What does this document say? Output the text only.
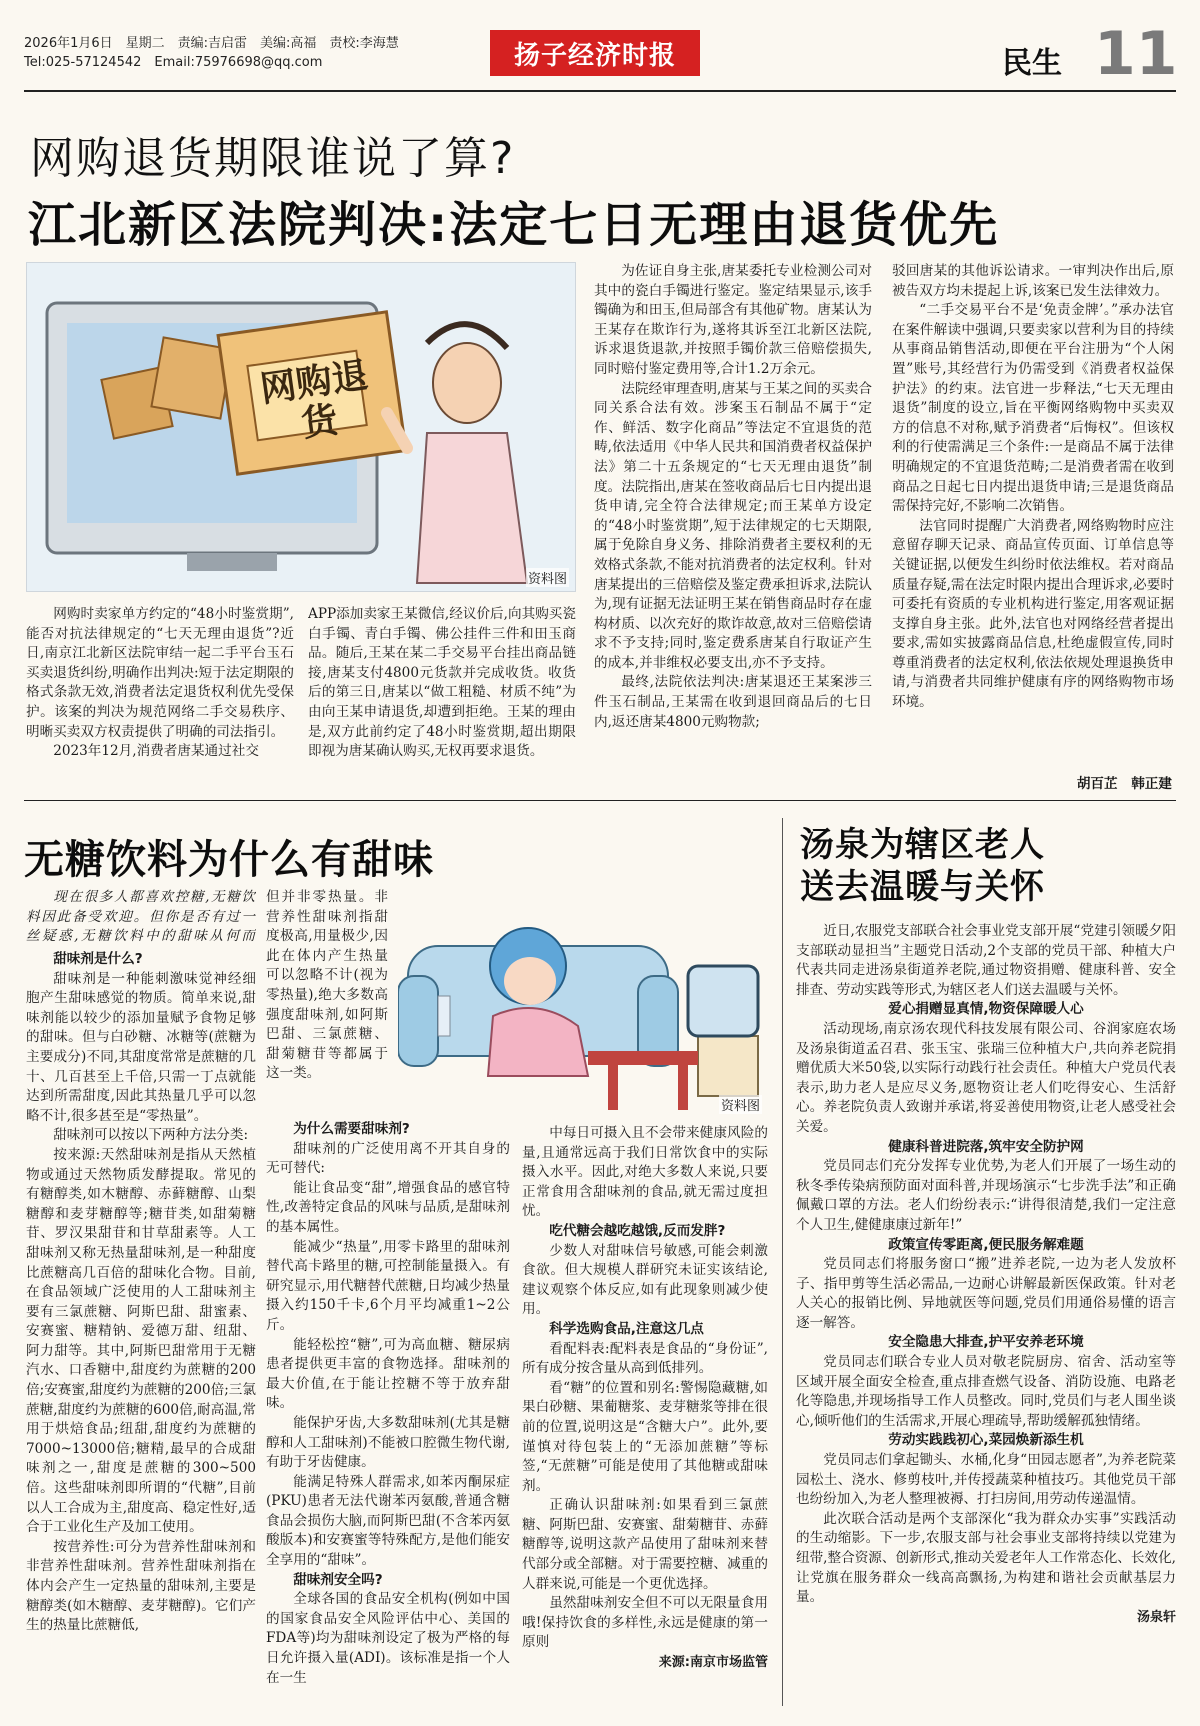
2026年1月6日　星期二　责编:吉启雷　美编:高福　责校:李海慧
Tel:025-57124542　Email:75976698@qq.com	扬子经济时报	民生 11
网购退货期限谁说了算?
江北新区法院判决:法定七日无理由退货优先
网购退货
资料图

网购时卖家单方约定的“48小时鉴赏期”,能否对抗法律规定的“七天无理由退货”?近日,南京江北新区法院审结一起二手平台玉石买卖退货纠纷,明确作出判决:短于法定期限的格式条款无效,消费者法定退货权利优先受保护。该案的判决为规范网络二手交易秩序、明晰买卖双方权责提供了明确的司法指引。

2023年12月,消费者唐某通过社交

APP添加卖家王某微信,经议价后,向其购买瓷白手镯、青白手镯、佛公挂件三件和田玉商品。随后,王某在某二手交易平台挂出商品链接,唐某支付4800元货款并完成收货。收货后的第三日,唐某以“做工粗糙、材质不纯”为由向王某申请退货,却遭到拒绝。王某的理由是,双方此前约定了48小时鉴赏期,超出期限即视为唐某确认购买,无权再要求退货。

为佐证自身主张,唐某委托专业检测公司对其中的瓷白手镯进行鉴定。鉴定结果显示,该手镯确为和田玉,但局部含有其他矿物。唐某认为王某存在欺诈行为,遂将其诉至江北新区法院,诉求退货退款,并按照手镯价款三倍赔偿损失,同时赔付鉴定费用等,合计1.2万余元。

法院经审理查明,唐某与王某之间的买卖合同关系合法有效。涉案玉石制品不属于“定作、鲜活、数字化商品”等法定不宜退货的范畴,依法适用《中华人民共和国消费者权益保护法》第二十五条规定的“七天无理由退货”制度。法院指出,唐某在签收商品后七日内提出退货申请,完全符合法律规定;而王某单方设定的“48小时鉴赏期”,短于法律规定的七天期限,属于免除自身义务、排除消费者主要权利的无效格式条款,不能对抗消费者的法定权利。针对唐某提出的三倍赔偿及鉴定费承担诉求,法院认为,现有证据无法证明王某在销售商品时存在虚构材质、以次充好的欺诈故意,故对三倍赔偿请求不予支持;同时,鉴定费系唐某自行取证产生的成本,并非维权必要支出,亦不予支持。

最终,法院依法判决:唐某退还王某案涉三件玉石制品,王某需在收到退回商品后的七日内,返还唐某4800元购物款;

驳回唐某的其他诉讼请求。一审判决作出后,原被告双方均未提起上诉,该案已发生法律效力。

“二手交易平台不是‘免责金牌’。”承办法官在案件解读中强调,只要卖家以营利为目的持续从事商品销售活动,即便在平台注册为“个人闲置”账号,其经营行为仍需受到《消费者权益保护法》的约束。法官进一步释法,“七天无理由退货”制度的设立,旨在平衡网络购物中买卖双方的信息不对称,赋予消费者“后悔权”。但该权利的行使需满足三个条件:一是商品不属于法律明确规定的不宜退货范畴;二是消费者需在收到商品之日起七日内提出退货申请;三是退货商品需保持完好,不影响二次销售。

法官同时提醒广大消费者,网络购物时应注意留存聊天记录、商品宣传页面、订单信息等关键证据,以便发生纠纷时依法维权。若对商品质量存疑,需在法定时限内提出合理诉求,必要时可委托有资质的专业机构进行鉴定,用客观证据支撑自身主张。此外,法官也对网络经营者提出要求,需如实披露商品信息,杜绝虚假宣传,同时尊重消费者的法定权利,依法依规处理退换货申请,与消费者共同维护健康有序的网络购物市场环境。

胡百芷　韩正建
无糖饮料为什么有甜味
资料图

现在很多人都喜欢控糖,无糖饮料因此备受欢迎。但你是否有过一丝疑惑,无糖饮料中的甜味从何而

甜味剂是什么?

甜味剂是一种能刺激味觉神经细胞产生甜味感觉的物质。简单来说,甜味剂能以较少的添加量赋予食物足够的甜味。但与白砂糖、冰糖等(蔗糖为主要成分)不同,其甜度常常是蔗糖的几十、几百甚至上千倍,只需一丁点就能达到所需甜度,因此其热量几乎可以忽略不计,很多甚至是“零热量”。

甜味剂可以按以下两种方法分类:

按来源:天然甜味剂是指从天然植物或通过天然物质发酵提取。常见的有糖醇类,如木糖醇、赤藓糖醇、山梨糖醇和麦芽糖醇等;糖苷类,如甜菊糖苷、罗汉果甜苷和甘草甜素等。人工甜味剂又称无热量甜味剂,是一种甜度比蔗糖高几百倍的甜味化合物。目前,在食品领域广泛使用的人工甜味剂主要有三氯蔗糖、阿斯巴甜、甜蜜素、安赛蜜、糖精钠、爱德万甜、纽甜、阿力甜等。其中,阿斯巴甜常用于无糖汽水、口香糖中,甜度约为蔗糖的200倍;安赛蜜,甜度约为蔗糖的200倍;三氯蔗糖,甜度约为蔗糖的600倍,耐高温,常用于烘焙食品;纽甜,甜度约为蔗糖的7000~13000倍;糖精,最早的合成甜味剂之一,甜度是蔗糖的300~500倍。这些甜味剂即所谓的“代糖”,目前以人工合成为主,甜度高、稳定性好,适合于工业化生产及加工使用。

按营养性:可分为营养性甜味剂和非营养性甜味剂。营养性甜味剂指在体内会产生一定热量的甜味剂,主要是糖醇类(如木糖醇、麦芽糖醇)。它们产生的热量比蔗糖低,

但并非零热量。非营养性甜味剂指甜度极高,用量极少,因此在体内产生热量可以忽略不计(视为零热量),绝大多数高强度甜味剂,如阿斯巴甜、三氯蔗糖、甜菊糖苷等都属于这一类。

为什么需要甜味剂?

甜味剂的广泛使用离不开其自身的无可替代:

能让食品变“甜”,增强食品的感官特性,改善特定食品的风味与品质,是甜味剂的基本属性。

能减少“热量”,用零卡路里的甜味剂替代高卡路里的糖,可控制能量摄入。有研究显示,用代糖替代蔗糖,日均减少热量摄入约150千卡,6个月平均减重1~2公斤。

能轻松控“糖”,可为高血糖、糖尿病患者提供更丰富的食物选择。甜味剂的最大价值,在于能让控糖不等于放弃甜味。

能保护牙齿,大多数甜味剂(尤其是糖醇和人工甜味剂)不能被口腔微生物代谢,有助于牙齿健康。

能满足特殊人群需求,如苯丙酮尿症(PKU)患者无法代谢苯丙氨酸,普通含糖食品会损伤大脑,而阿斯巴甜(不含苯丙氨酸版本)和安赛蜜等特殊配方,是他们能安全享用的“甜味”。

甜味剂安全吗?

全球各国的食品安全机构(例如中国的国家食品安全风险评估中心、美国的FDA等)均为甜味剂设定了极为严格的每日允许摄入量(ADI)。该标准是指一个人在一生

中每日可摄入且不会带来健康风险的量,且通常远高于我们日常饮食中的实际摄入水平。因此,对绝大多数人来说,只要正常食用含甜味剂的食品,就无需过度担忧。

吃代糖会越吃越饿,反而发胖?

少数人对甜味信号敏感,可能会刺激食欲。但大规模人群研究未证实该结论,建议观察个体反应,如有此现象则减少使用。

科学选购食品,注意这几点

看配料表:配料表是食品的“身份证”,所有成分按含量从高到低排列。

看“糖”的位置和别名:警惕隐藏糖,如果白砂糖、果葡糖浆、麦芽糖浆等排在很前的位置,说明这是“含糖大户”。此外,要谨慎对待包装上的“无添加蔗糖”等标签,“无蔗糖”可能是使用了其他糖或甜味剂。

正确认识甜味剂:如果看到三氯蔗糖、阿斯巴甜、安赛蜜、甜菊糖苷、赤藓糖醇等,说明这款产品使用了甜味剂来替代部分或全部糖。对于需要控糖、减重的人群来说,可能是一个更优选择。

虽然甜味剂安全但不可以无限量食用哦!保持饮食的多样性,永远是健康的第一原则

来源:南京市场监管

汤泉为辖区老人
送去温暖与关怀

近日,农服党支部联合社会事业党支部开展“党建引领暖夕阳 支部联动显担当”主题党日活动,2个支部的党员干部、种植大户代表共同走进汤泉街道养老院,通过物资捐赠、健康科普、安全排查、劳动实践等形式,为辖区老人们送去温暖与关怀。

爱心捐赠显真情,物资保障暖人心

活动现场,南京汤农现代科技发展有限公司、谷润家庭农场及汤泉街道孟召君、张玉宝、张瑞三位种植大户,共向养老院捐赠优质大米50袋,以实际行动践行社会责任。种植大户党员代表表示,助力老人是应尽义务,愿物资让老人们吃得安心、生活舒心。养老院负责人致谢并承诺,将妥善使用物资,让老人感受社会关爱。

健康科普进院落,筑牢安全防护网

党员同志们充分发挥专业优势,为老人们开展了一场生动的秋冬季传染病预防面对面科普,并现场演示“七步洗手法”和正确佩戴口罩的方法。老人们纷纷表示:“讲得很清楚,我们一定注意个人卫生,健健康康过新年!”

政策宣传零距离,便民服务解难题

党员同志们将服务窗口“搬”进养老院,一边为老人发放杯子、指甲剪等生活必需品,一边耐心讲解最新医保政策。针对老人关心的报销比例、异地就医等问题,党员们用通俗易懂的语言逐一解答。

安全隐患大排查,护平安养老环境

党员同志们联合专业人员对敬老院厨房、宿舍、活动室等区域开展全面安全检查,重点排查燃气设备、消防设施、电路老化等隐患,并现场指导工作人员整改。同时,党员们与老人围坐谈心,倾听他们的生活需求,开展心理疏导,帮助缓解孤独情绪。

劳动实践践初心,菜园焕新添生机

党员同志们拿起锄头、水桶,化身“田园志愿者”,为养老院菜园松土、浇水、修剪枝叶,并传授蔬菜种植技巧。其他党员干部也纷纷加入,为老人整理被褥、打扫房间,用劳动传递温情。

此次联合活动是两个支部深化“我为群众办实事”实践活动的生动缩影。下一步,农服支部与社会事业支部将持续以党建为纽带,整合资源、创新形式,推动关爱老年人工作常态化、长效化,让党旗在服务群众一线高高飘扬,为构建和谐社会贡献基层力量。

汤泉轩
